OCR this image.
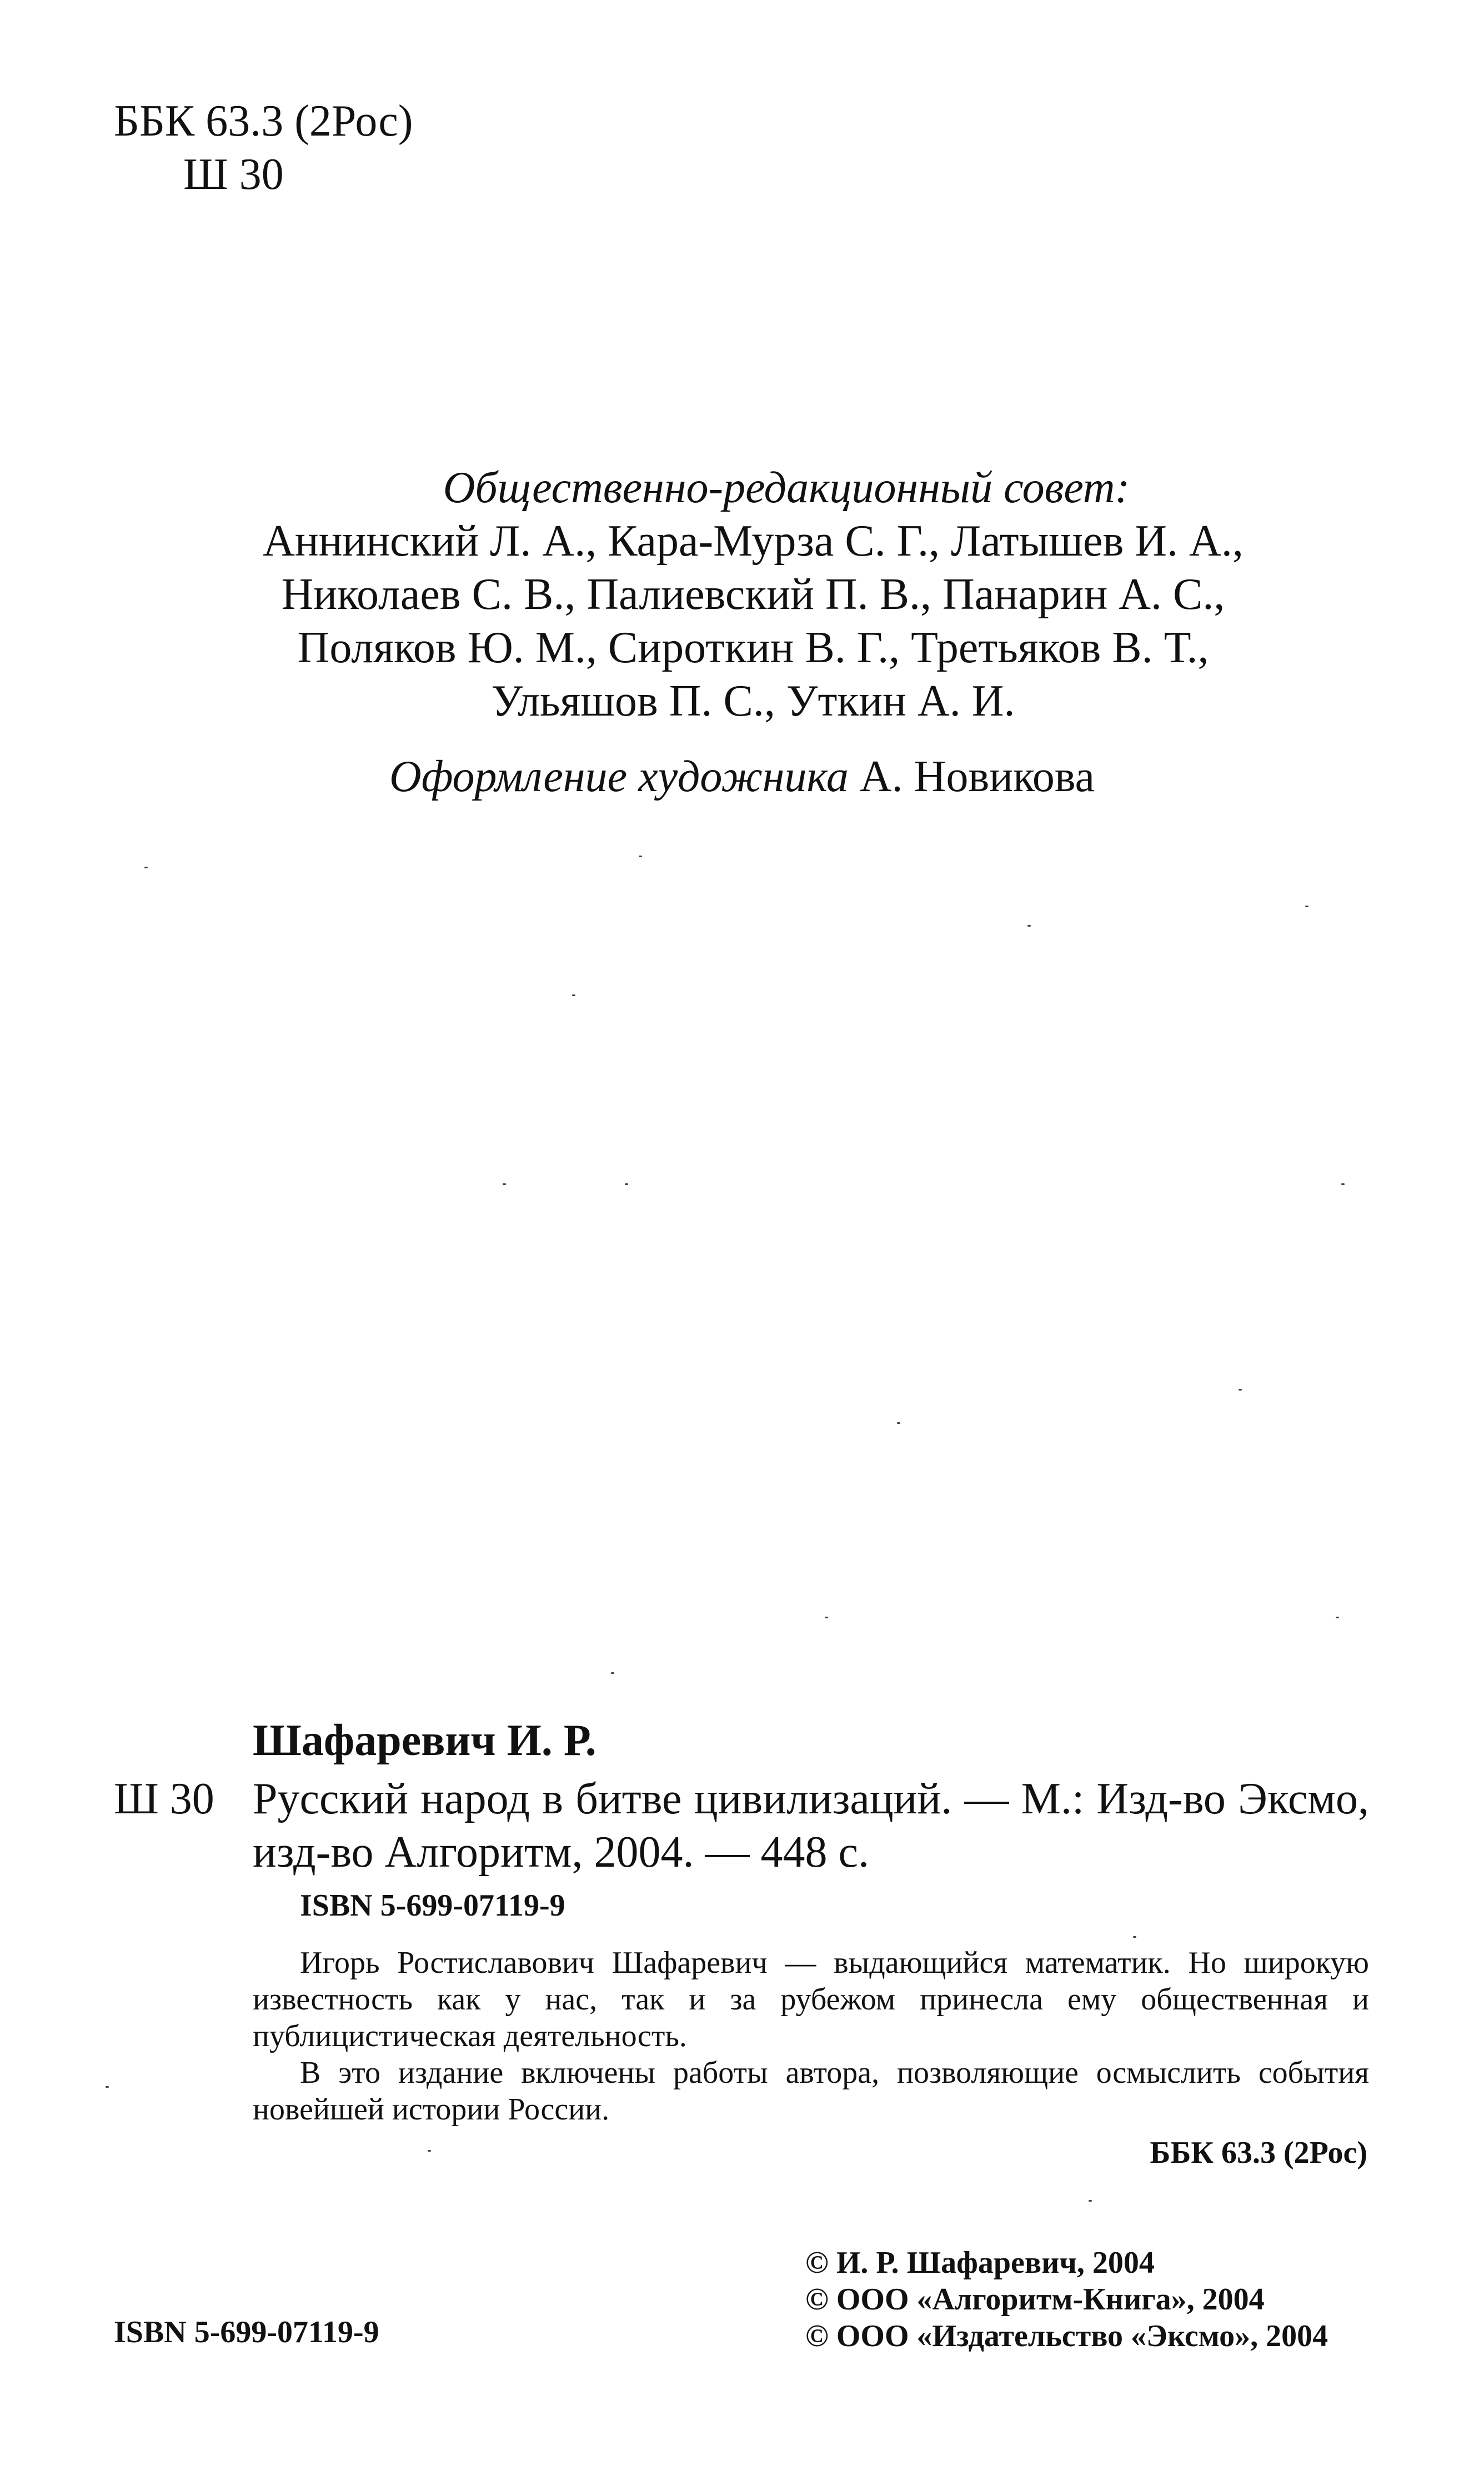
ББК 63.3 (2Рос)
Ш 30
Общественно-редакционный совет:
Аннинский Л. А., Кара-Мурза С. Г., Латышев И. А.,
Николаев С. В., Палиевский П. В., Панарин А. С.,
Поляков Ю. М., Сироткин В. Г., Третьяков В. Т.,
Ульяшов П. С., Уткин А. И.
Оформление художника А. Новикова
Шафаревич И. Р.
Ш 30 Русский народ в битве цивилизаций. — М.: Изд-во Эксмо, изд-во Алгоритм, 2004. — 448 с.
ISBN 5-699-07119-9

Игорь Ростиславович Шафаревич — выдающийся математик. Но широкую известность как у нас, так и за рубежом принесла ему общественная и публицистическая деятельность.

В это издание включены работы автора, позволяющие осмыслить события новейшей истории России.

ББК 63.3 (2Рос)
ISBN 5-699-07119-9
© И. Р. Шафаревич, 2004
© ООО «Алгоритм-Книга», 2004
© ООО «Издательство «Эксмо», 2004
